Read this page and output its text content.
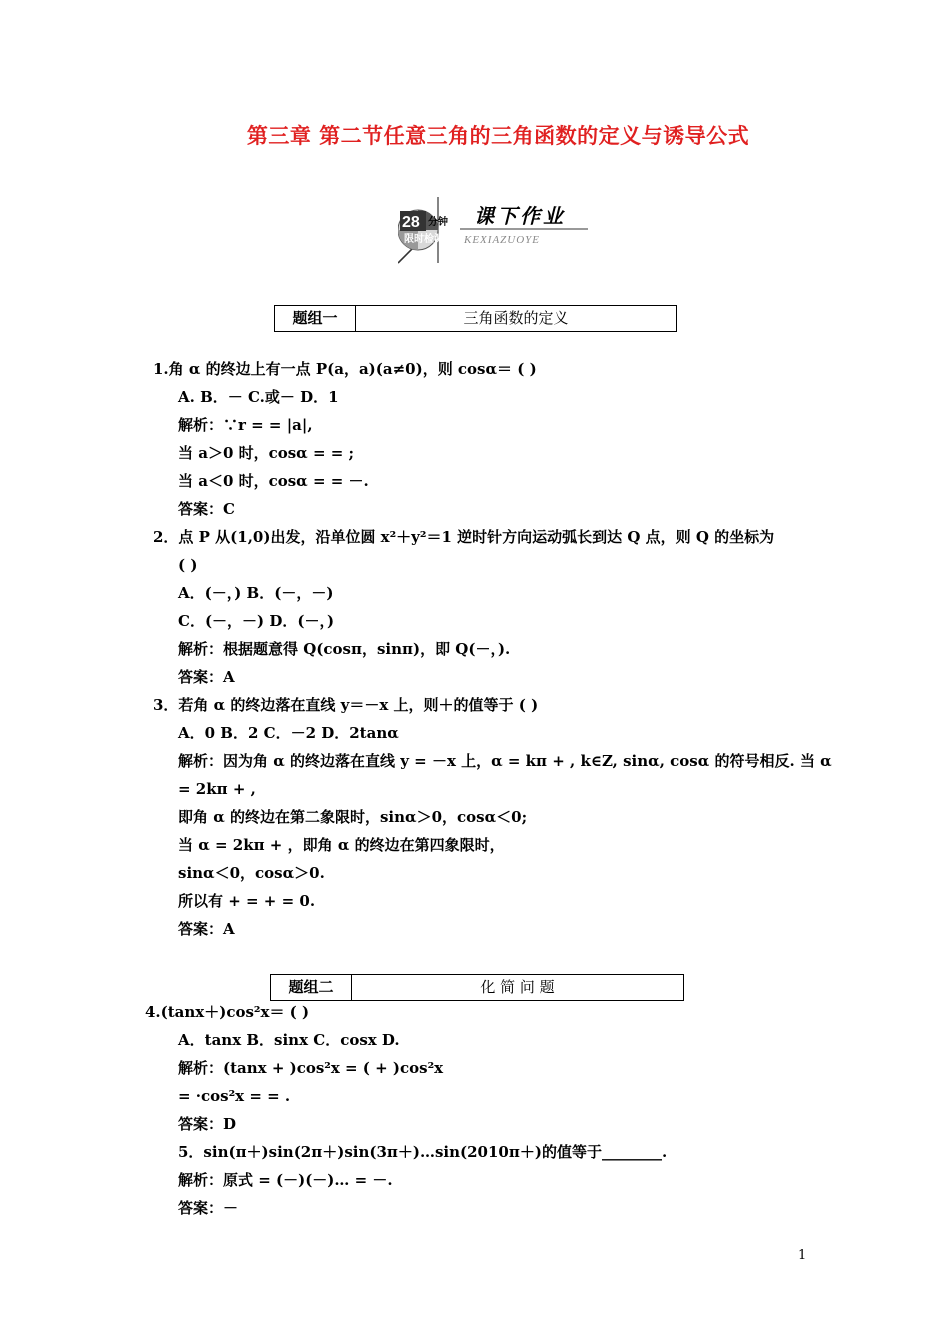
第三章 第二节任意三角的三角函数的定义与诱导公式
28 分钟
限时检测
课下作业
KEXIAZUOYE
题组一	三角函数的定义
题组二	化 简 问 题
1.角 α 的终边上有一点 P(a，a)(a≠0)，则 cosα＝ ( )
A. B．－ C.或－ D．1
解析：∵r = = |a|,
当 a＞0 时，cosα = = ;
当 a＜0 时，cosα = = －.
答案：C
2．点 P 从(1,0)出发，沿单位圆 x²＋y²＝1 逆时针方向运动弧长到达 Q 点，则 Q 的坐标为
( )
A．(－，) B．(－，－)
C．(－，－) D．(－，)
解析：根据题意得 Q(cosπ，sinπ)，即 Q(－，).
答案：A
3．若角 α 的终边落在直线 y＝－x 上，则＋的值等于 ( )
A．0 B．2 C．－2 D．2tanα
解析：因为角 α 的终边落在直线 y = －x 上，α = kπ + , k∈Z, sinα, cosα 的符号相反. 当 α
= 2kπ + ,
即角 α 的终边在第二象限时，sinα＞0，cosα＜0;
当 α = 2kπ + ，即角 α 的终边在第四象限时，
sinα＜0，cosα＞0.
所以有 + = + = 0.
答案：A
4.(tanx＋)cos²x＝ ( )
A．tanx B．sinx C．cosx D.
解析：(tanx + )cos²x = ( + )cos²x
= ·cos²x = = .
答案：D
5．sin(π＋)sin(2π＋)sin(3π＋)…sin(2010π＋)的值等于________.
解析：原式 = (－)(－)… = －.
答案：－
1
